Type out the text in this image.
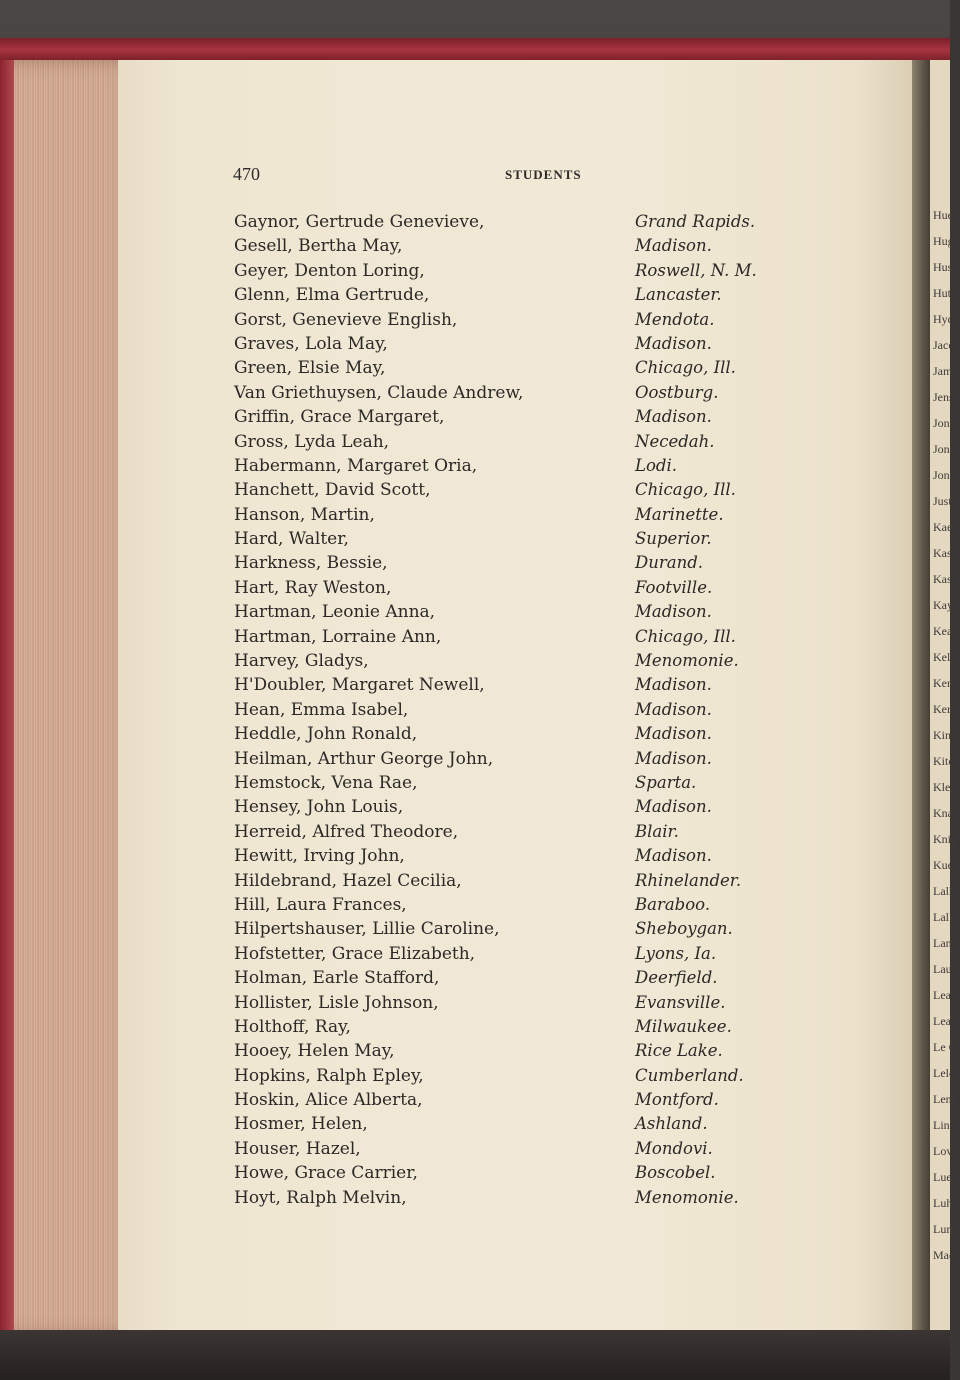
470	STUDENTS
Gaynor, Gertrude Genevieve,	Grand Rapids.
Gesell, Bertha May,	Madison.
Geyer, Denton Loring,	Roswell, N. M.
Glenn, Elma Gertrude,	Lancaster.
Gorst, Genevieve English,	Mendota.
Graves, Lola May,	Madison.
Green, Elsie May,	Chicago, Ill.
Van Griethuysen, Claude Andrew,	Oostburg.
Griffin, Grace Margaret,	Madison.
Gross, Lyda Leah,	Necedah.
Habermann, Margaret Oria,	Lodi.
Hanchett, David Scott,	Chicago, Ill.
Hanson, Martin,	Marinette.
Hard, Walter,	Superior.
Harkness, Bessie,	Durand.
Hart, Ray Weston,	Footville.
Hartman, Leonie Anna,	Madison.
Hartman, Lorraine Ann,	Chicago, Ill.
Harvey, Gladys,	Menomonie.
H'Doubler, Margaret Newell,	Madison.
Hean, Emma Isabel,	Madison.
Heddle, John Ronald,	Madison.
Heilman, Arthur George John,	Madison.
Hemstock, Vena Rae,	Sparta.
Hensey, John Louis,	Madison.
Herreid, Alfred Theodore,	Blair.
Hewitt, Irving John,	Madison.
Hildebrand, Hazel Cecilia,	Rhinelander.
Hill, Laura Frances,	Baraboo.
Hilpertshauser, Lillie Caroline,	Sheboygan.
Hofstetter, Grace Elizabeth,	Lyons, Ia.
Holman, Earle Stafford,	Deerfield.
Hollister, Lisle Johnson,	Evansville.
Holthoff, Ray,	Milwaukee.
Hooey, Helen May,	Rice Lake.
Hopkins, Ralph Epley,	Cumberland.
Hoskin, Alice Alberta,	Montford.
Hosmer, Helen,	Ashland.
Houser, Hazel,	Mondovi.
Howe, Grace Carrier,	Boscobel.
Hoyt, Ralph Melvin,	Menomonie.
Hue
Hug
Hus
Hut
Hyd
Jaco
Jam
Jens
Jone
Jone
Jone
Just
Kae
Kasi
Kasi
Kay
Kea
Kell
Ken
Kerr
Kind
Kitc
Klei
Knap
Knig
Kueh
Lalh
Lalk
Lang
Laue
Lea,
Leac
Le C
Lelc
Lent
Lins
Love
Luec
Luhr
Lum
Mach
